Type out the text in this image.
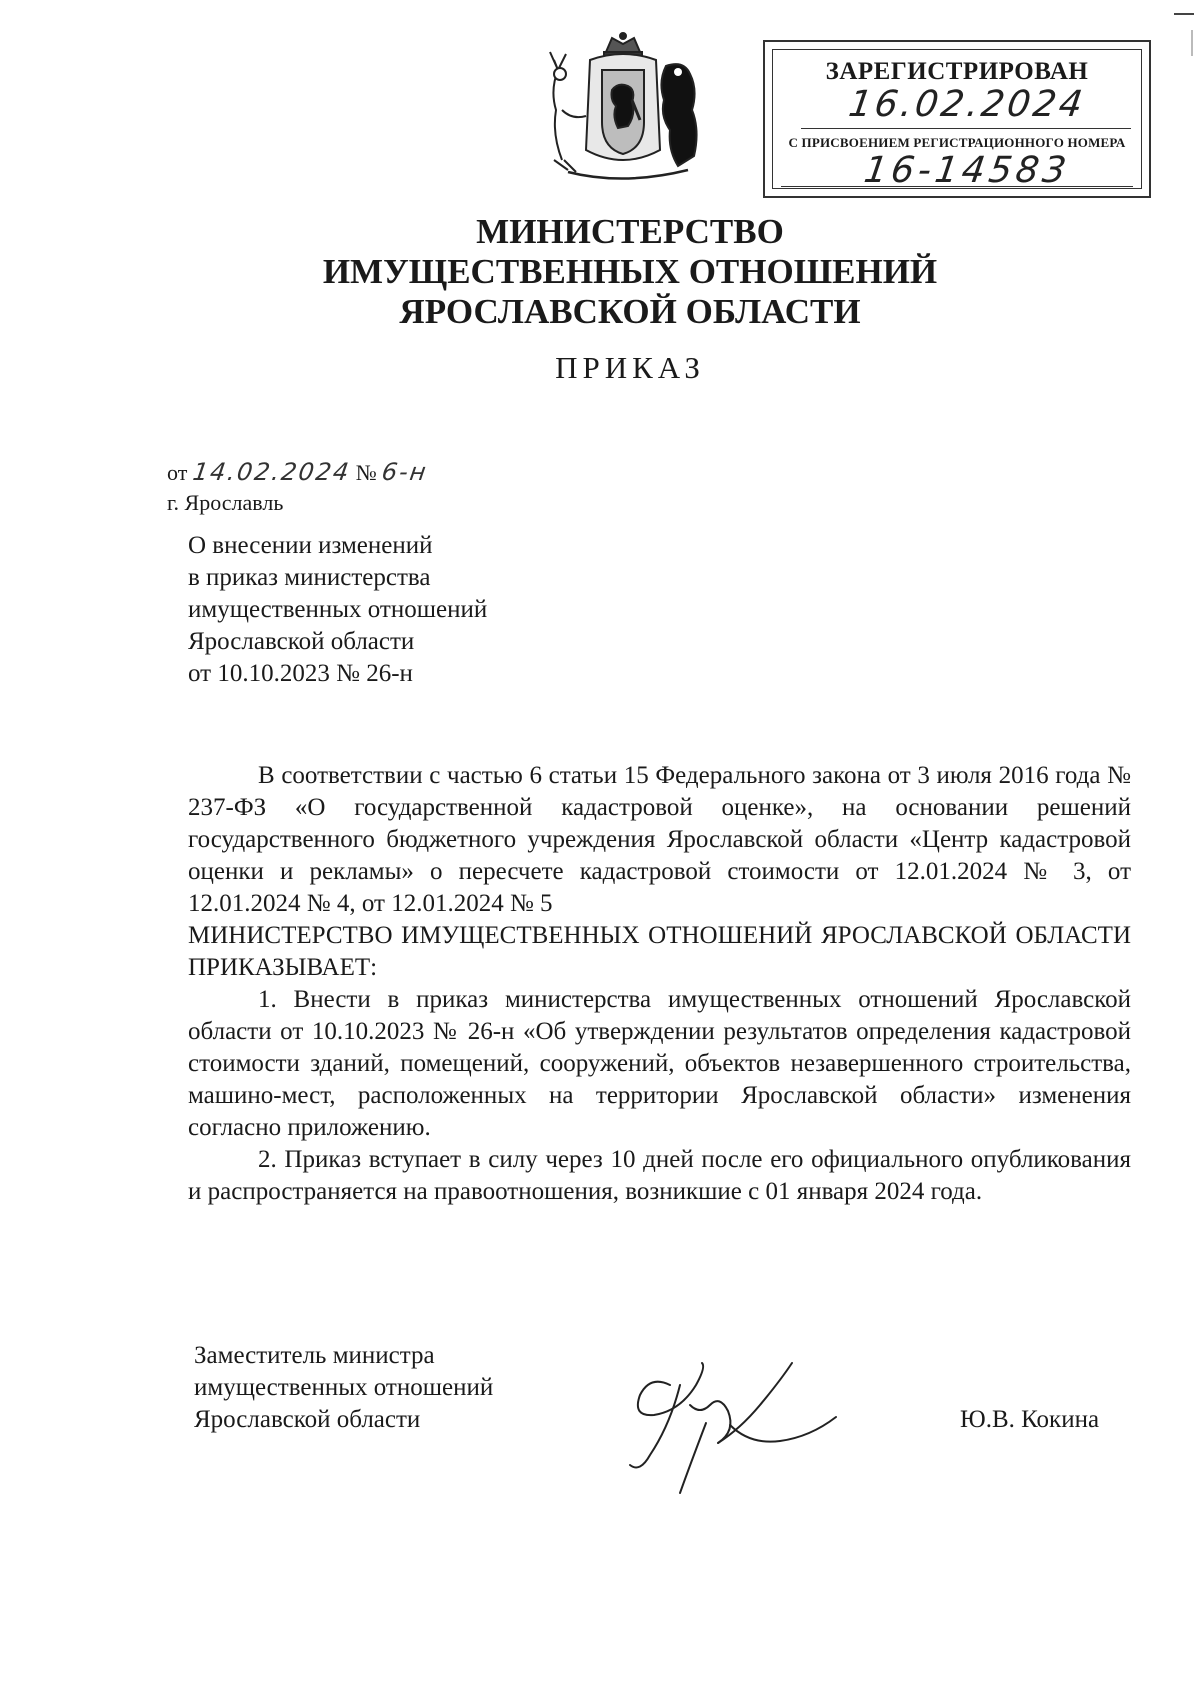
ЗАРЕГИСТРИРОВАН
16.02.2024
С ПРИСВОЕНИЕМ РЕГИСТРАЦИОННОГО НОМЕРА
16-14583
МИНИСТЕРСТВО
ИМУЩЕСТВЕННЫХ ОТНОШЕНИЙ
ЯРОСЛАВСКОЙ ОБЛАСТИ
ПРИКАЗ
от 14.02.2024 № 6-н
г. Ярославль
О внесении изменений
в приказ министерства
имущественных отношений
Ярославской области
от 10.10.2023 № 26-н

В соответствии с частью 6 статьи 15 Федерального закона от 3 июля 2016 года № 237-ФЗ «О государственной кадастровой оценке», на основании решений государственного бюджетного учреждения Ярославской области «Центр кадастровой оценки и рекламы» о пересчете кадастровой стоимости от 12.01.2024 № 3, от 12.01.2024 № 4, от 12.01.2024 № 5

МИНИСТЕРСТВО ИМУЩЕСТВЕННЫХ ОТНОШЕНИЙ ЯРОСЛАВСКОЙ ОБЛАСТИ ПРИКАЗЫВАЕТ:

1. Внести в приказ министерства имущественных отношений Ярославской области от 10.10.2023 № 26-н «Об утверждении результатов определения кадастровой стоимости зданий, помещений, сооружений, объектов незавершенного строительства, машино-мест, расположенных на территории Ярославской области» изменения согласно приложению.

2. Приказ вступает в силу через 10 дней после его официального опубликования и распространяется на правоотношения, возникшие с 01 января 2024 года.

Заместитель министра
имущественных отношений
Ярославской области	Ю.В. Кокина
